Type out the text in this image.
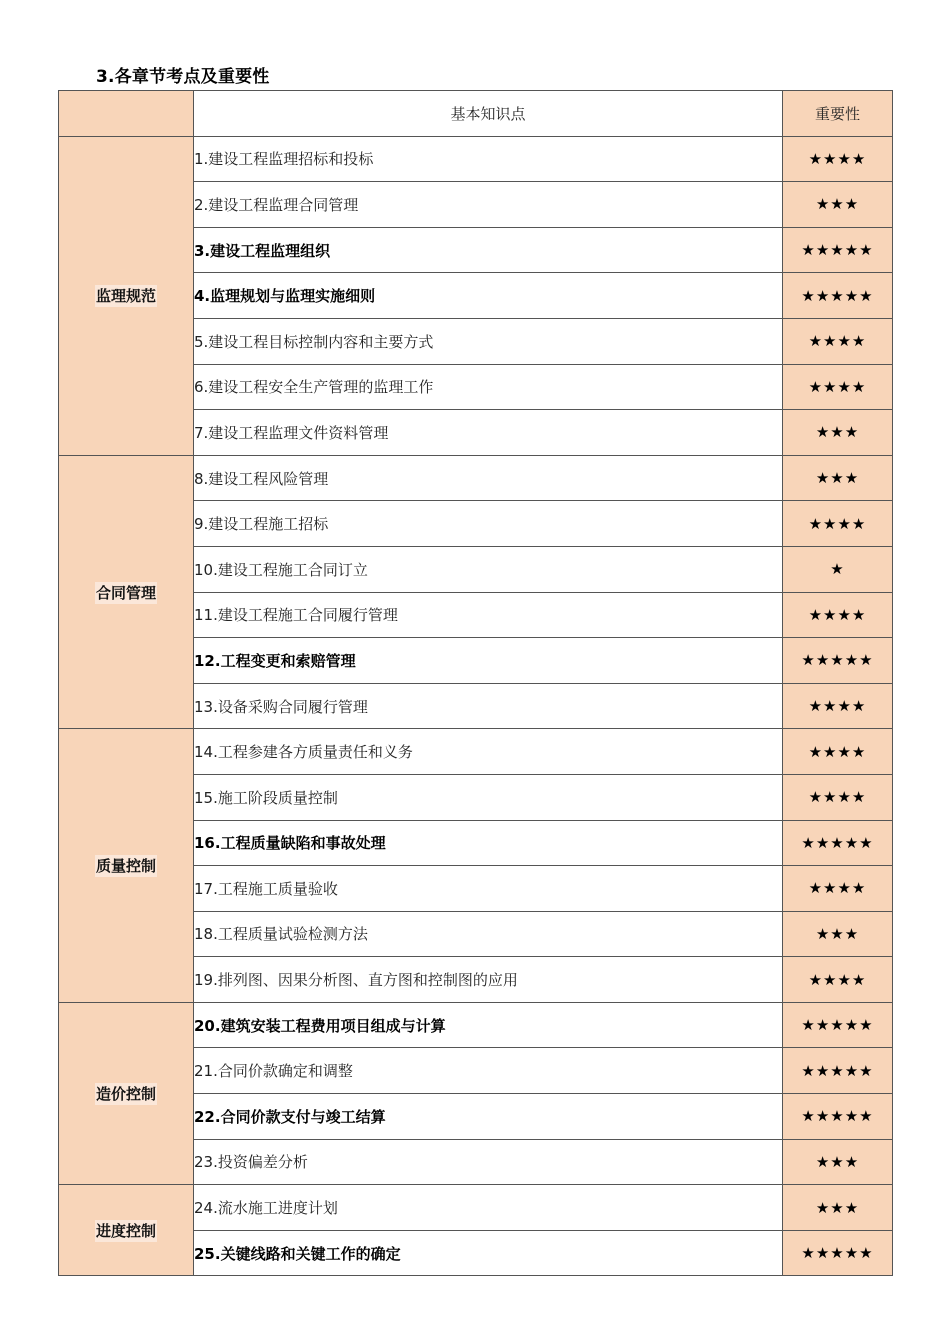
3.各章节考点及重要性
	基本知识点	重要性
监理规范	1.建设工程监理招标和投标	★★★★
	2.建设工程监理合同管理	★★★
	3.建设工程监理组织	★★★★★
	4.监理规划与监理实施细则	★★★★★
	5.建设工程目标控制内容和主要方式	★★★★
	6.建设工程安全生产管理的监理工作	★★★★
	7.建设工程监理文件资料管理	★★★
合同管理	8.建设工程风险管理	★★★
	9.建设工程施工招标	★★★★
	10.建设工程施工合同订立	★
	11.建设工程施工合同履行管理	★★★★
	12.工程变更和索赔管理	★★★★★
	13.设备采购合同履行管理	★★★★
质量控制	14.工程参建各方质量责任和义务	★★★★
	15.施工阶段质量控制	★★★★
	16.工程质量缺陷和事故处理	★★★★★
	17.工程施工质量验收	★★★★
	18.工程质量试验检测方法	★★★
	19.排列图、因果分析图、直方图和控制图的应用	★★★★
造价控制	20.建筑安装工程费用项目组成与计算	★★★★★
	21.合同价款确定和调整	★★★★★
	22.合同价款支付与竣工结算	★★★★★
	23.投资偏差分析	★★★
进度控制	24.流水施工进度计划	★★★
	25.关键线路和关键工作的确定	★★★★★
